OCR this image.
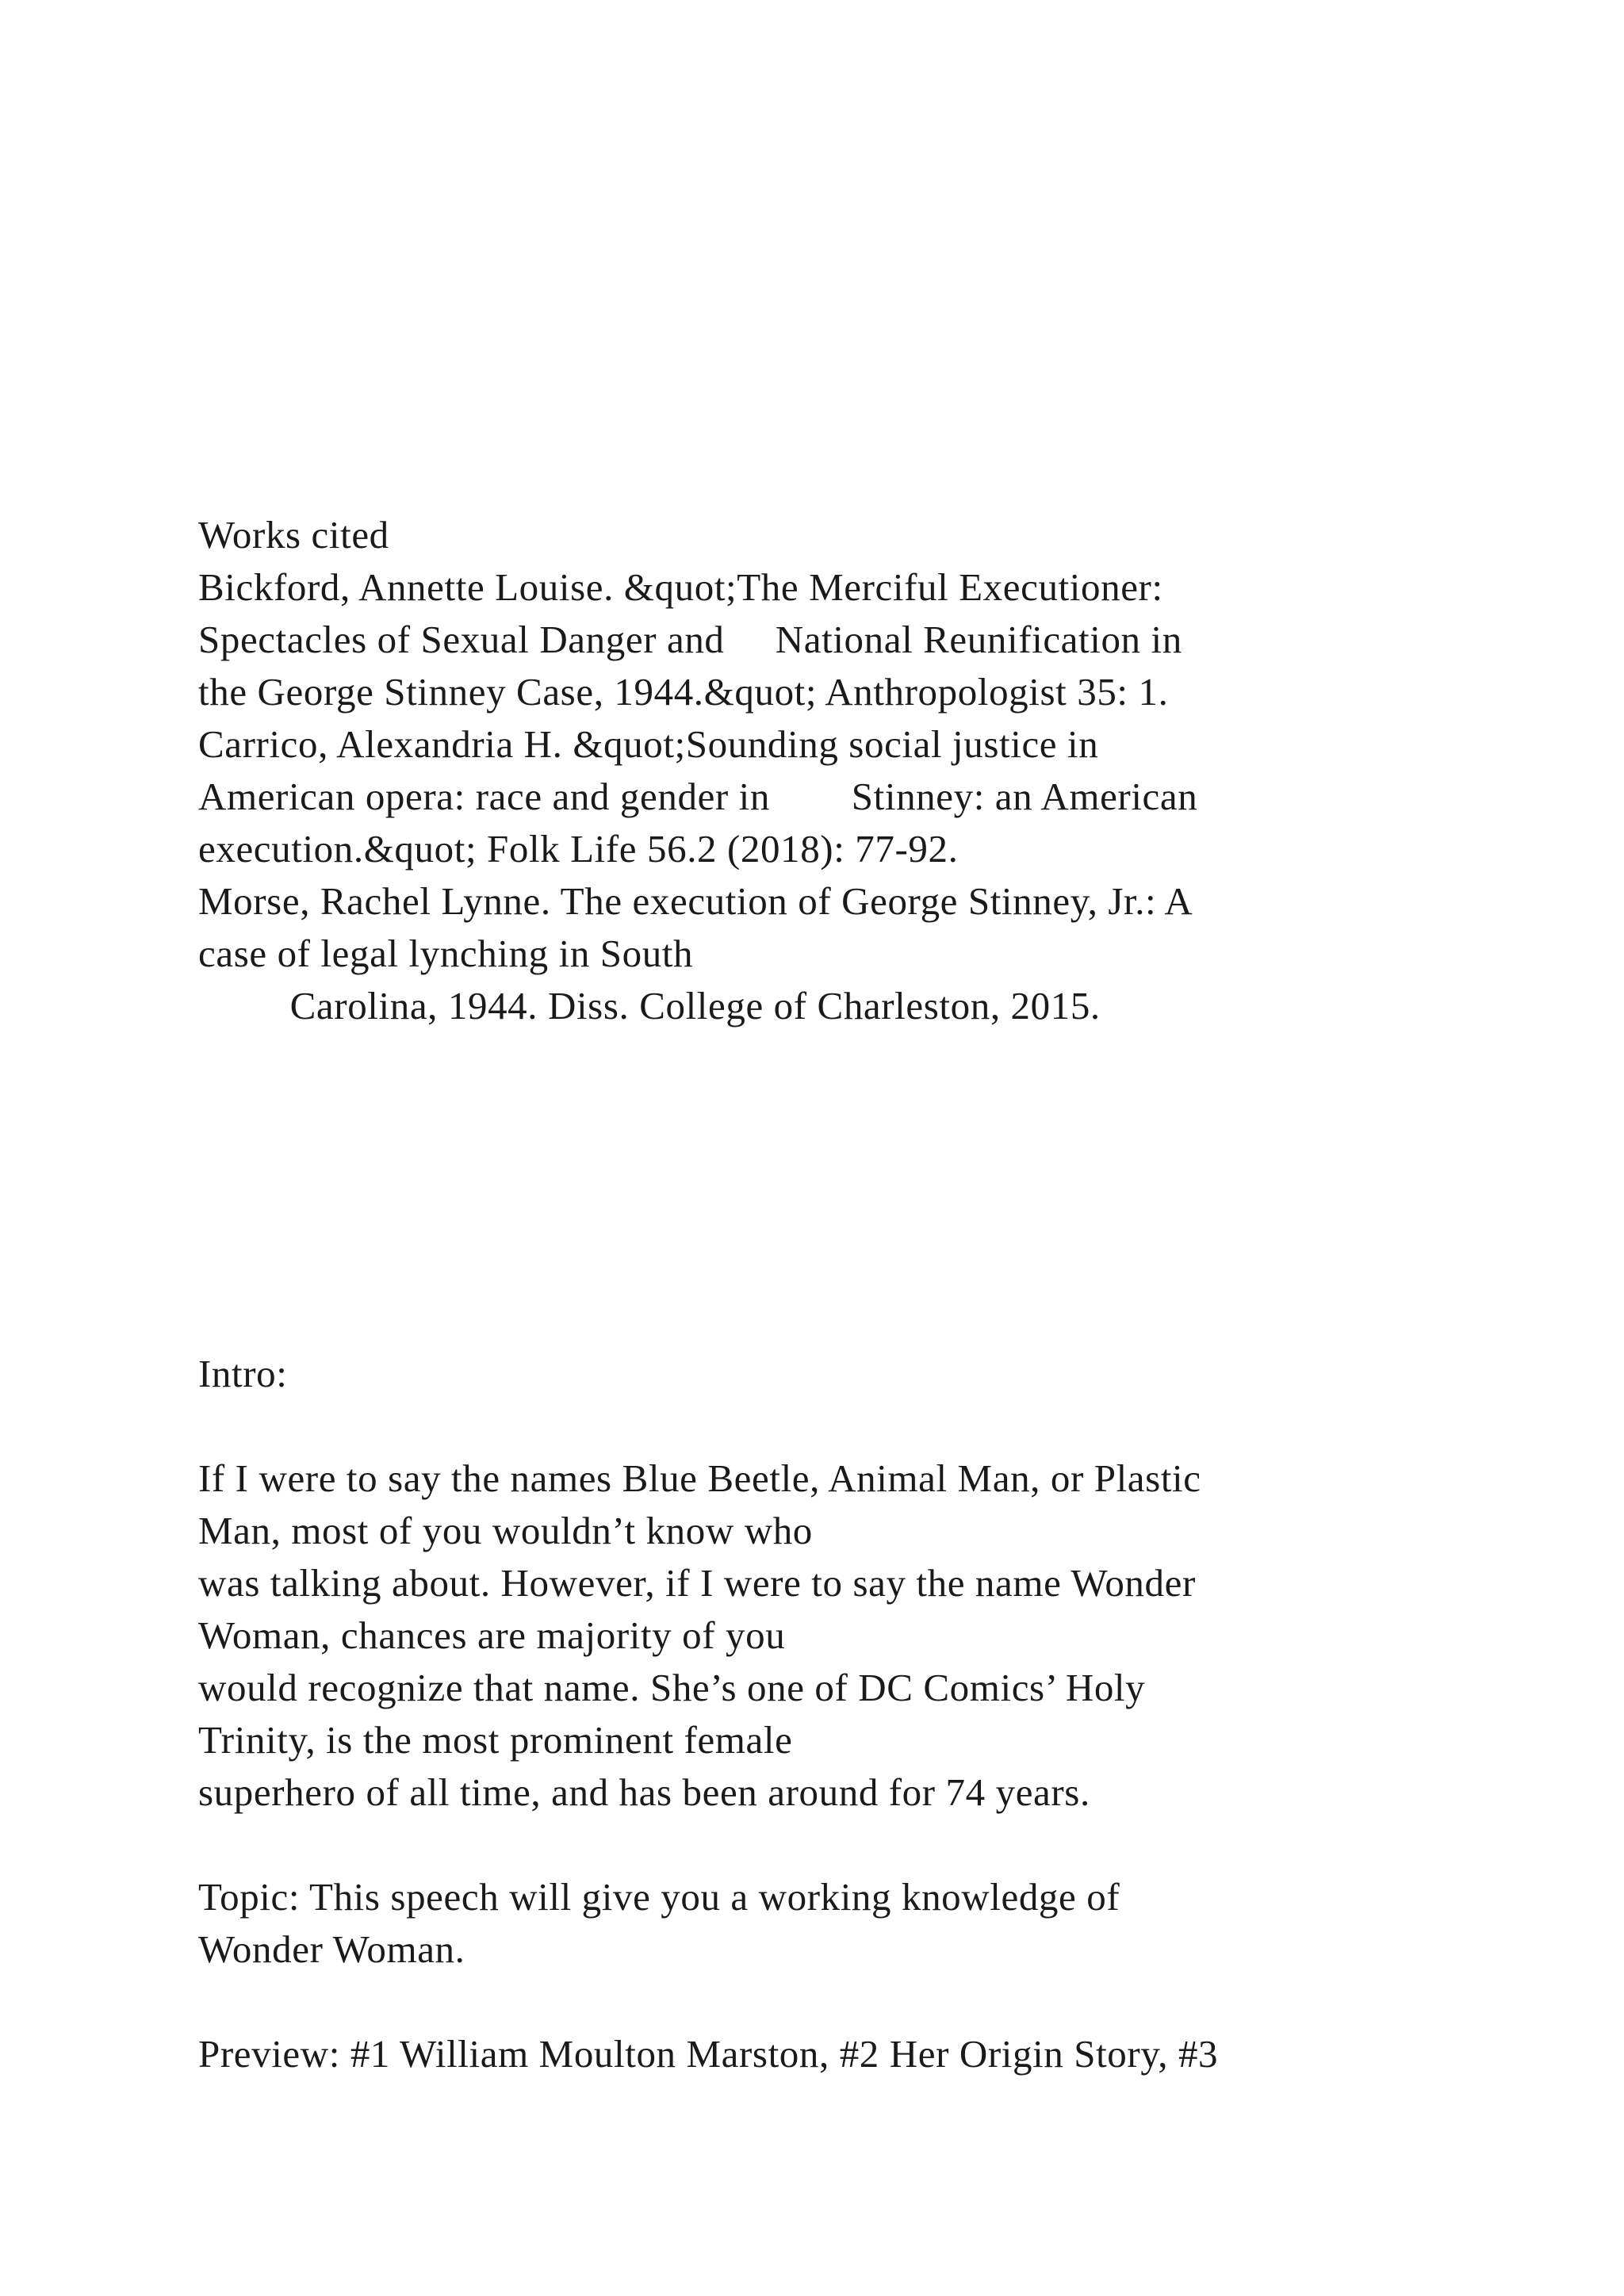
Works cited
Bickford, Annette Louise. &quot;The Merciful Executioner:
Spectacles of Sexual Danger and     National Reunification in
the George Stinney Case, 1944.&quot; Anthropologist 35: 1.
Carrico, Alexandria H. &quot;Sounding social justice in
American opera: race and gender in        Stinney: an American
execution.&quot; Folk Life 56.2 (2018): 77-92.
Morse, Rachel Lynne. The execution of George Stinney, Jr.: A
case of legal lynching in South
Carolina, 1944. Diss. College of Charleston, 2015.
Intro:
If I were to say the names Blue Beetle, Animal Man, or Plastic
Man, most of you wouldn’t know who
was talking about. However, if I were to say the name Wonder
Woman, chances are majority of you
would recognize that name. She’s one of DC Comics’ Holy
Trinity, is the most prominent female
superhero of all time, and has been around for 74 years.
Topic: This speech will give you a working knowledge of
Wonder Woman.
Preview: #1 William Moulton Marston, #2 Her Origin Story, #3
